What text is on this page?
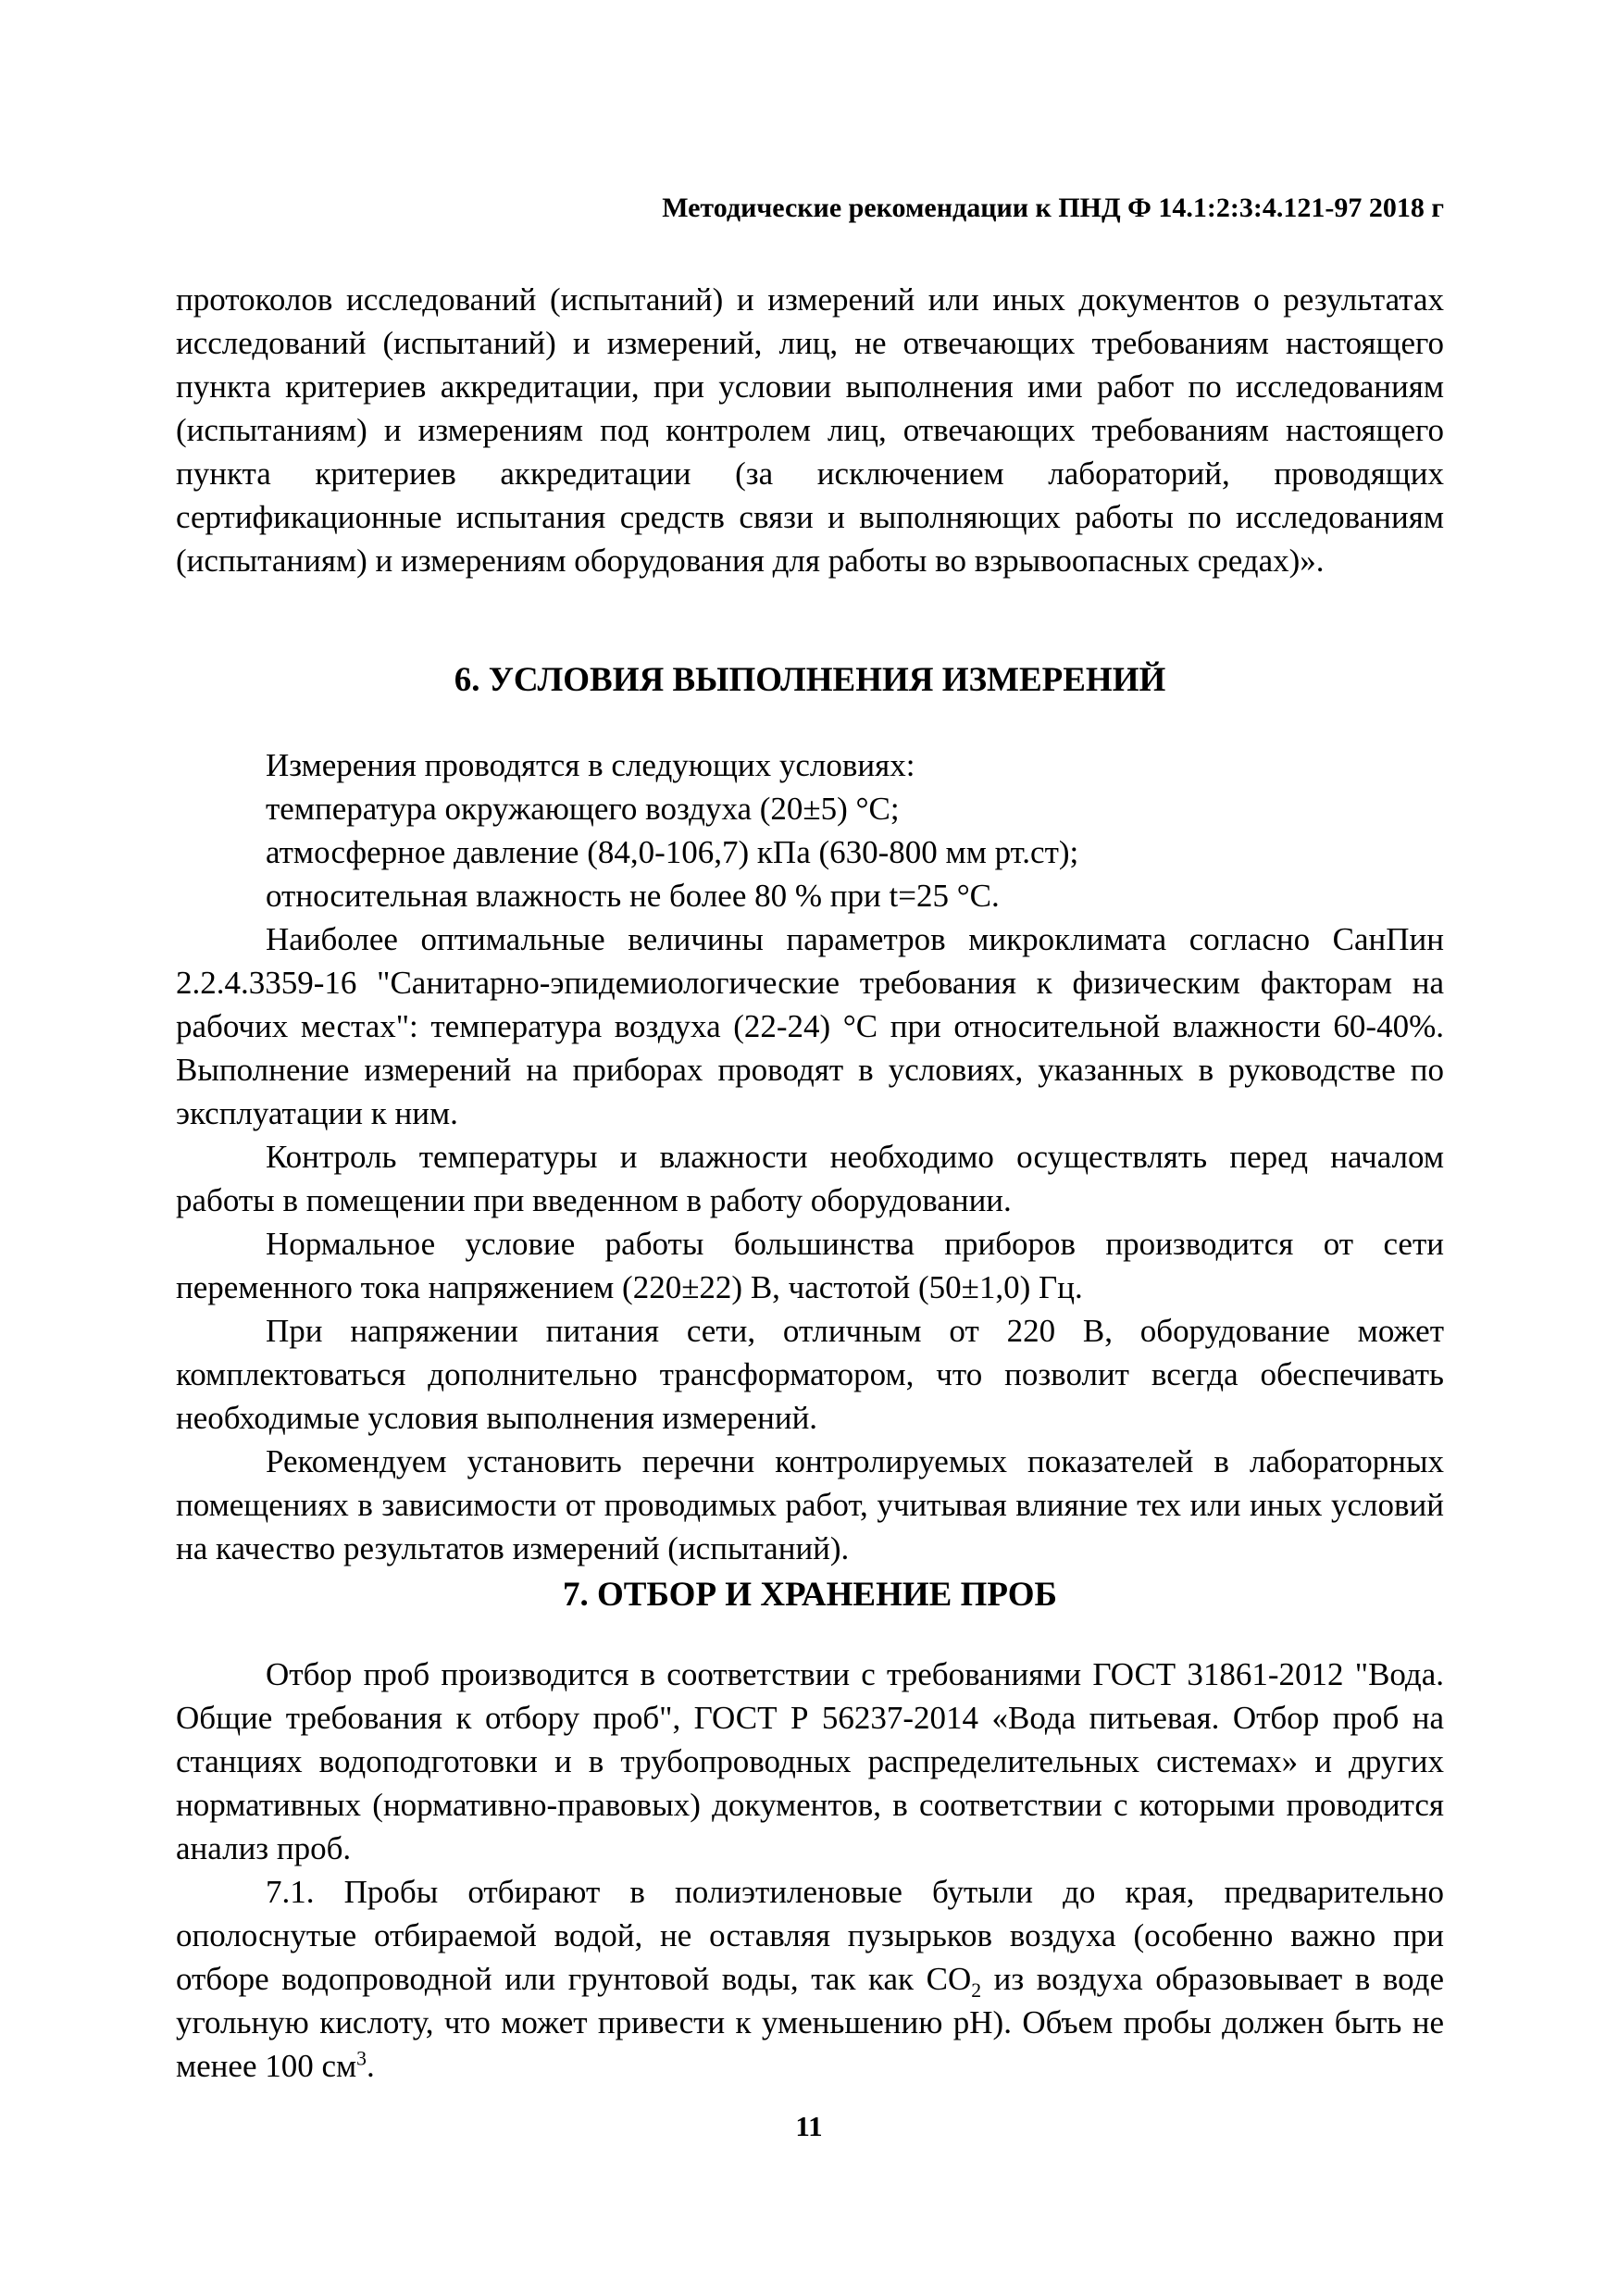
Методические рекомендации к ПНД Ф 14.1:2:3:4.121-97 2018 г

протоколов исследований (испытаний) и измерений или иных документов о результатах исследований (испытаний) и измерений, лиц, не отвечающих требованиям настоящего пункта критериев аккредитации, при условии выполнения ими работ по исследованиям (испытаниям) и измерениям под контролем лиц, отвечающих требованиям настоящего пункта критериев аккредитации (за исключением лабораторий, проводящих сертификационные испытания средств связи и выполняющих работы по исследованиям (испытаниям) и измерениям оборудования для работы во взрывоопасных средах)».

6. УСЛОВИЯ ВЫПОЛНЕНИЯ ИЗМЕРЕНИЙ

Измерения проводятся в следующих условиях:

температура окружающего воздуха (20±5) °С;

атмосферное давление (84,0-106,7) кПа (630-800 мм рт.ст);

относительная влажность не более 80 % при t=25 °С.

Наиболее оптимальные величины параметров микроклимата согласно СанПин 2.2.4.3359-16 "Санитарно-эпидемиологические требования к физическим факторам на рабочих местах": температура воздуха (22-24) °С при относительной влажности 60-40%. Выполнение измерений на приборах проводят в условиях, указанных в руководстве по эксплуатации к ним.

Контроль температуры и влажности необходимо осуществлять перед началом работы в помещении при введенном в работу оборудовании.

Нормальное условие работы большинства приборов производится от сети переменного тока напряжением (220±22) В, частотой (50±1,0) Гц.

При напряжении питания сети, отличным от 220 В, оборудование может комплектоваться дополнительно трансформатором, что позволит всегда обеспечивать необходимые условия выполнения измерений.

Рекомендуем установить перечни контролируемых показателей в лабораторных помещениях в зависимости от проводимых работ, учитывая влияние тех или иных условий на качество результатов измерений (испытаний).

7. ОТБОР И ХРАНЕНИЕ ПРОБ

Отбор проб производится в соответствии с требованиями ГОСТ 31861-2012 "Вода. Общие требования к отбору проб", ГОСТ Р 56237-2014 «Вода питьевая. Отбор проб на станциях водоподготовки и в трубопроводных распределительных системах» и других нормативных (нормативно-правовых) документов, в соответствии с которыми проводится анализ проб.

7.1. Пробы отбирают в полиэтиленовые бутыли до края, предварительно ополоснутые отбираемой водой, не оставляя пузырьков воздуха (особенно важно при отборе водопроводной или грунтовой воды, так как $CO_2$ из воздуха образовывает в воде угольную кислоту, что может привести к уменьшению pH). Объем пробы должен быть не менее 100 $см^3$.

11
